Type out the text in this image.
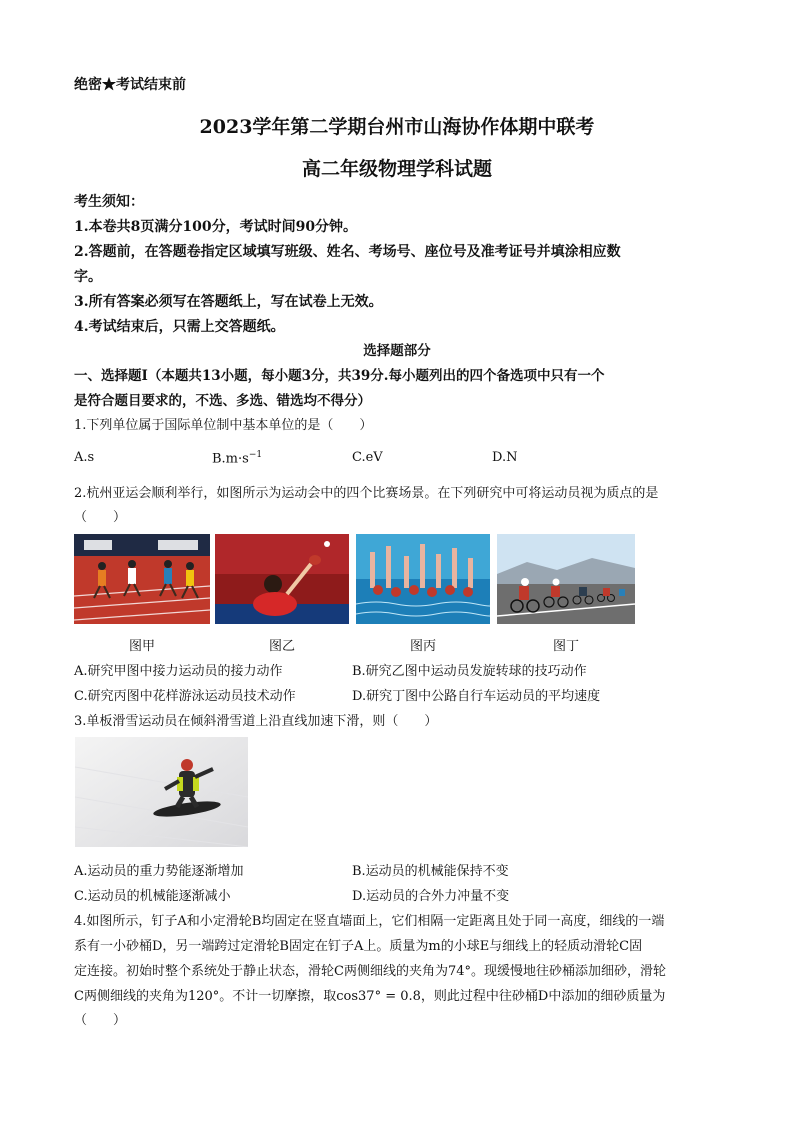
绝密★考试结束前
2023学年第二学期台州市山海协作体期中联考
高二年级物理学科试题
考生须知：
1.本卷共8页满分100分，考试时间90分钟。
2.答题前，在答题卷指定区域填写班级、姓名、考场号、座位号及准考证号并填涂相应数
字。
3.所有答案必须写在答题纸上，写在试卷上无效。
4.考试结束后，只需上交答题纸。
选择题部分
一、选择题Ⅰ（本题共13小题，每小题3分，共39分.每小题列出的四个备选项中只有一个
是符合题目要求的，不选、多选、错选均不得分）
1.下列单位属于国际单位制中基本单位的是（　　）
A.s	$B.m\cdot s^{-1}$	C.eV	D.N
2.杭州亚运会顺利举行，如图所示为运动会中的四个比赛场景。在下列研究中可将运动员视为质点的是
（　　）
图甲	图乙	图丙	图丁
A.研究甲图中接力运动员的接力动作	B.研究乙图中运动员发旋转球的技巧动作
C.研究丙图中花样游泳运动员技术动作	D.研究丁图中公路自行车运动员的平均速度
3.单板滑雪运动员在倾斜滑雪道上沿直线加速下滑，则（　　）
A.运动员的重力势能逐渐增加	B.运动员的机械能保持不变
C.运动员的机械能逐渐减小	D.运动员的合外力冲量不变
4.如图所示，钉子A和小定滑轮B均固定在竖直墙面上，它们相隔一定距离且处于同一高度，细线的一端
系有一小砂桶D，另一端跨过定滑轮B固定在钉子A上。质量为m的小球E与细线上的轻质动滑轮C固
定连接。初始时整个系统处于静止状态，滑轮C两侧细线的夹角为74°。现缓慢地往砂桶添加细砂，滑轮
C两侧细线的夹角为120°。不计一切摩擦，取cos37° = 0.8，则此过程中往砂桶D中添加的细砂质量为
（　　）
